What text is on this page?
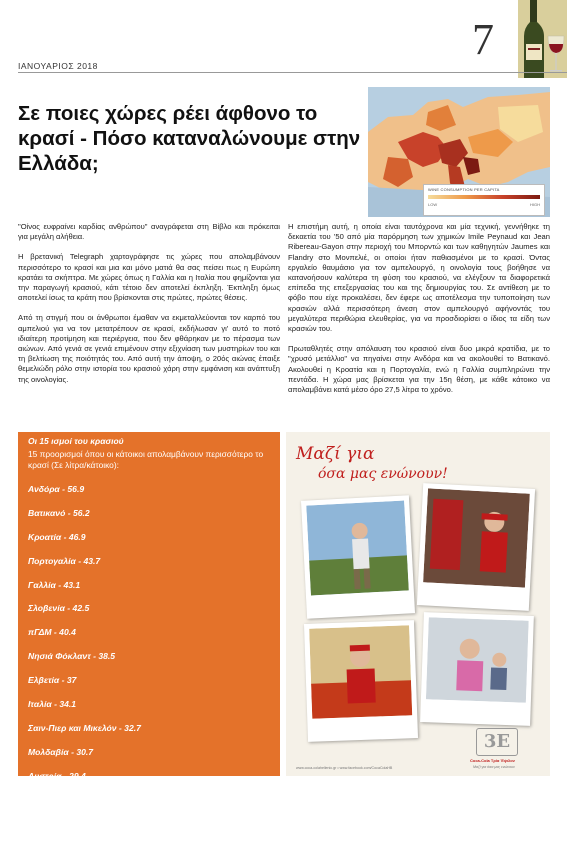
ΙΑΝΟΥΑΡΙΟΣ 2018
7
Σε ποιες χώρες ρέει άφθονο το κρασί - Πόσο καταναλώνουμε στην Ελλάδα;
WINE CONSUMPTION PER CAPITA
LOW	HIGH

"Οίνος ευφραίνει καρδίας ανθρώπου" αναγράφεται στη Βίβλο και πρόκειται για μεγάλη αλήθεια.

Η βρετανική Telegraph χαρτογράφησε τις χώρες που απολαμβάνουν περισσότερο το κρασί και μια και μόνο ματιά θα σας πείσει πως η Ευρώπη κρατάει τα σκήπτρα. Με χώρες όπως η Γαλλία και η Ιταλία που φημίζονται για την παραγωγή κρασιού, κάτι τέτοιο δεν αποτελεί έκπληξη. Έκπληξη όμως αποτελεί ίσως τα κράτη που βρίσκονται στις πρώτες, πρώτες θέσεις.

Από τη στιγμή που οι άνθρωποι έμαθαν να εκμεταλλεύονται τον καρπό του αμπελιού για να τον μετατρέπουν σε κρασί, εκδήλωσαν γι' αυτό το ποτό ιδιαίτερη προτίμηση και περιέργεια, που δεν φθάρηκαν με το πέρασμα των αιώνων. Από γενιά σε γενιά επιμένουν στην εξιχνίαση των μυστηρίων του και τη βελτίωση της ποιότητάς του. Από αυτή την άποψη, ο 20ός αιώνας έπαιξε θεμελιώδη ρόλο στην ιστορία του κρασιού χάρη στην εμφάνιση και ανάπτυξη της οινολογίας.

Η επιστήμη αυτή, η οποία είναι ταυτόχρονα και μία τεχνική, γεννήθηκε τη δεκαετία του '50 από μία παρόρμηση των χημικών Imile Peynaud και Jean Ribereau-Gayon στην περιοχή του Μπορντώ και των καθηγητών Jaumes και Flandry στο Μονπελιέ, οι οποίοι ήταν παθιασμένοι με το κρασί. Όντας εργαλείο θαυμάσιο για τον αμπελουργό, η οινολογία τους βοήθησε να κατανοήσουν καλύτερα τη φύση του κρασιού, να ελέγξουν τα διαφορετικά επίπεδα της επεξεργασίας του και της δημιουργίας του. Σε αντίθεση με το φόβο που είχε προκαλέσει, δεν έφερε ως αποτέλεσμα την τυποποίηση των κρασιών αλλά περισσότερη άνεση στον αμπελουργό αφήνοντάς του μεγαλύτερα περιθώρια ελευθερίας, για να προσδιορίσει ο ίδιος τα είδη των κρασιών του.

Πρωταθλητές στην απόλαυση του κρασιού είναι δυο μικρά κρατίδια, με το "χρυσό μετάλλιο" να πηγαίνει στην Ανδόρα και να ακολουθεί το Βατικανό. Ακολουθεί η Κροατία και η Πορτογαλία, ενώ η Γαλλία συμπληρώνει την πεντάδα. Η χώρα μας βρίσκεται για την 15η θέση, με κάθε κάτοικο να απολαμβάνει κατά μέσο όρο 27,5 λίτρα το χρόνο.

Οι 15 ισμοί του κρασιού

15 προορισμοί όπου οι κάτοικοι απολαμβάνουν περισσότερο το κρασί (Σε λίτρα/κάτοικο):

Ανδόρα - 56.9
Βατικανό - 56.2
Κροατία - 46.9
Πορτογαλία - 43.7
Γαλλία - 43.1
Σλοβενία - 42.5
πΓΔΜ - 40.4
Νησιά Φόκλαντ - 38.5
Ελβετία - 37
Ιταλία - 34.1
Σαιν-Πιερ και Μικελόν - 32.7
Μολδαβία - 30.7
Αυστρία - 29.4
Ουρουγουάη - 28.1
Ελλάδα - 27.5
Μαζί για
όσα μας ενώνουν!
3E
Coca-Cola Τρία Έψιλον
Μαζί για όσα μας ενώνουν
www.coca-colahellenic.gr • www.facebook.com/CocaColaHB
